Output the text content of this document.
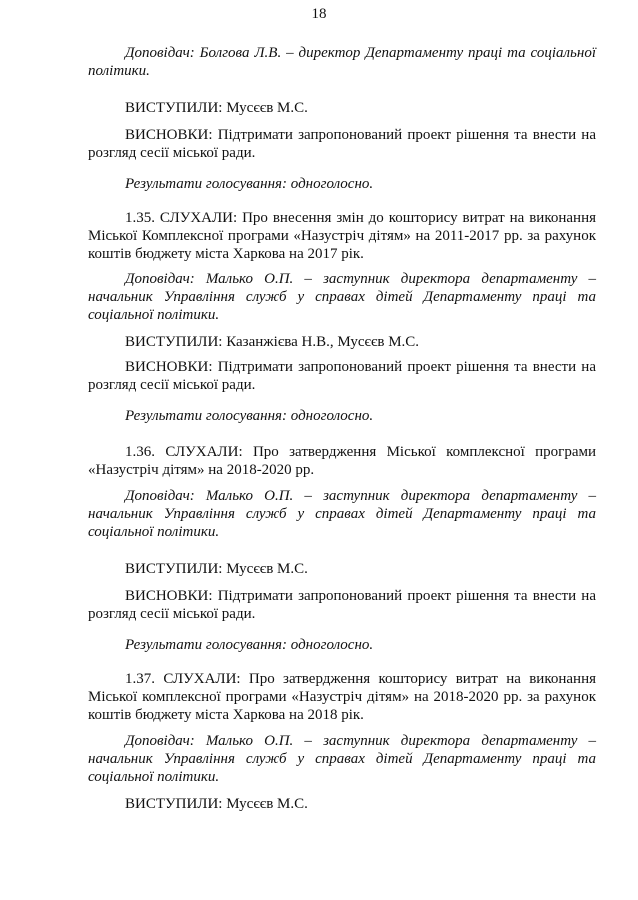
18

Доповідач: Болгова Л.В. – директор Департаменту праці та соціальної політики.

ВИСТУПИЛИ: Мусєєв М.С.

ВИСНОВКИ: Підтримати запропонований проект рішення та внести на розгляд сесії міської ради.

Результати голосування: одноголосно.

1.35. СЛУХАЛИ: Про внесення змін до кошторису витрат на виконання Міської Комплексної програми «Назустріч дітям» на 2011-2017 рр. за рахунок коштів бюджету міста Харкова на 2017 рік.

Доповідач: Малько О.П. – заступник директора департаменту – начальник Управління служб у справах дітей Департаменту праці та соціальної політики.

ВИСТУПИЛИ: Казанжієва Н.В., Мусєєв М.С.

ВИСНОВКИ: Підтримати запропонований проект рішення та внести на розгляд сесії міської ради.

Результати голосування: одноголосно.

1.36. СЛУХАЛИ: Про затвердження Міської комплексної програми «Назустріч дітям» на 2018-2020 рр.

Доповідач: Малько О.П. – заступник директора департаменту – начальник Управління служб у справах дітей Департаменту праці та соціальної політики.

ВИСТУПИЛИ: Мусєєв М.С.

ВИСНОВКИ: Підтримати запропонований проект рішення та внести на розгляд сесії міської ради.

Результати голосування: одноголосно.

1.37. СЛУХАЛИ: Про затвердження кошторису витрат на виконання Міської комплексної програми «Назустріч дітям» на 2018-2020 рр. за рахунок коштів бюджету міста Харкова на 2018 рік.

Доповідач: Малько О.П. – заступник директора департаменту – начальник Управління служб у справах дітей Департаменту праці та соціальної політики.

ВИСТУПИЛИ: Мусєєв М.С.
